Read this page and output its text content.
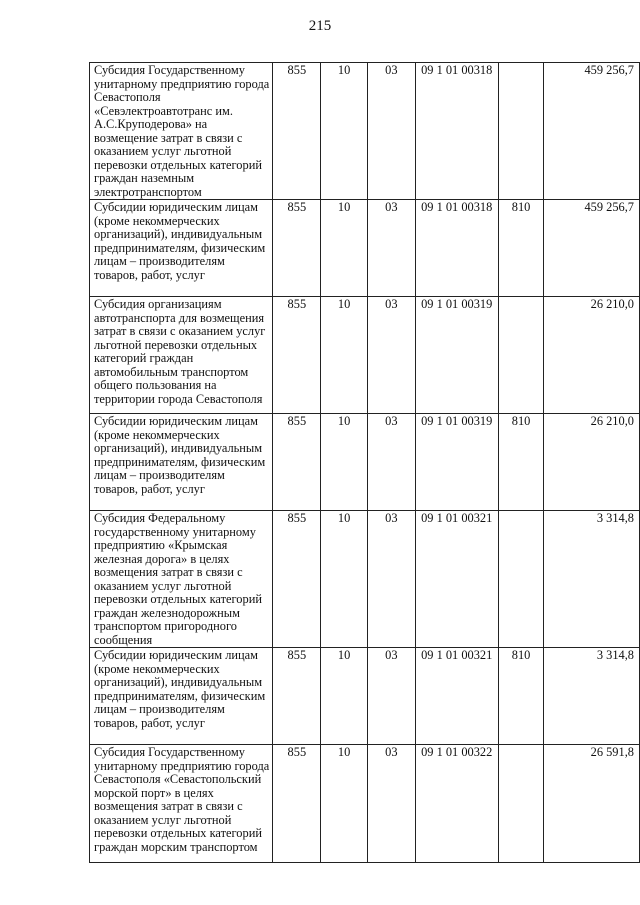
215
Субсидия Государственному унитарному предприятию города Севастополя «Севэлектроавтотранс им. А.С.Круподерова» на возмещение затрат в связи с оказанием услуг льготной перевозки отдельных категорий граждан наземным электротранспортом	855	10	03	09 1 01 00318		459 256,7
Субсидии юридическим лицам (кроме некоммерческих организаций), индивидуальным предпринимателям, физическим лицам – производителям товаров, работ, услуг	855	10	03	09 1 01 00318	810	459 256,7
Субсидия организациям автотранспорта для возмещения затрат в связи с оказанием услуг льготной перевозки отдельных категорий граждан автомобильным транспортом общего пользования на территории города Севастополя	855	10	03	09 1 01 00319		26 210,0
Субсидии юридическим лицам (кроме некоммерческих организаций), индивидуальным предпринимателям, физическим лицам – производителям товаров, работ, услуг	855	10	03	09 1 01 00319	810	26 210,0
Субсидия Федеральному государственному унитарному предприятию «Крымская железная дорога» в целях возмещения затрат в связи с оказанием услуг льготной перевозки отдельных категорий граждан железнодорожным транспортом пригородного сообщения	855	10	03	09 1 01 00321		3 314,8
Субсидии юридическим лицам (кроме некоммерческих организаций), индивидуальным предпринимателям, физическим лицам – производителям товаров, работ, услуг	855	10	03	09 1 01 00321	810	3 314,8
Субсидия Государственному унитарному предприятию города Севастополя «Севастопольский морской порт» в целях возмещения затрат в связи с оказанием услуг льготной перевозки отдельных категорий граждан морским транспортом	855	10	03	09 1 01 00322		26 591,8
